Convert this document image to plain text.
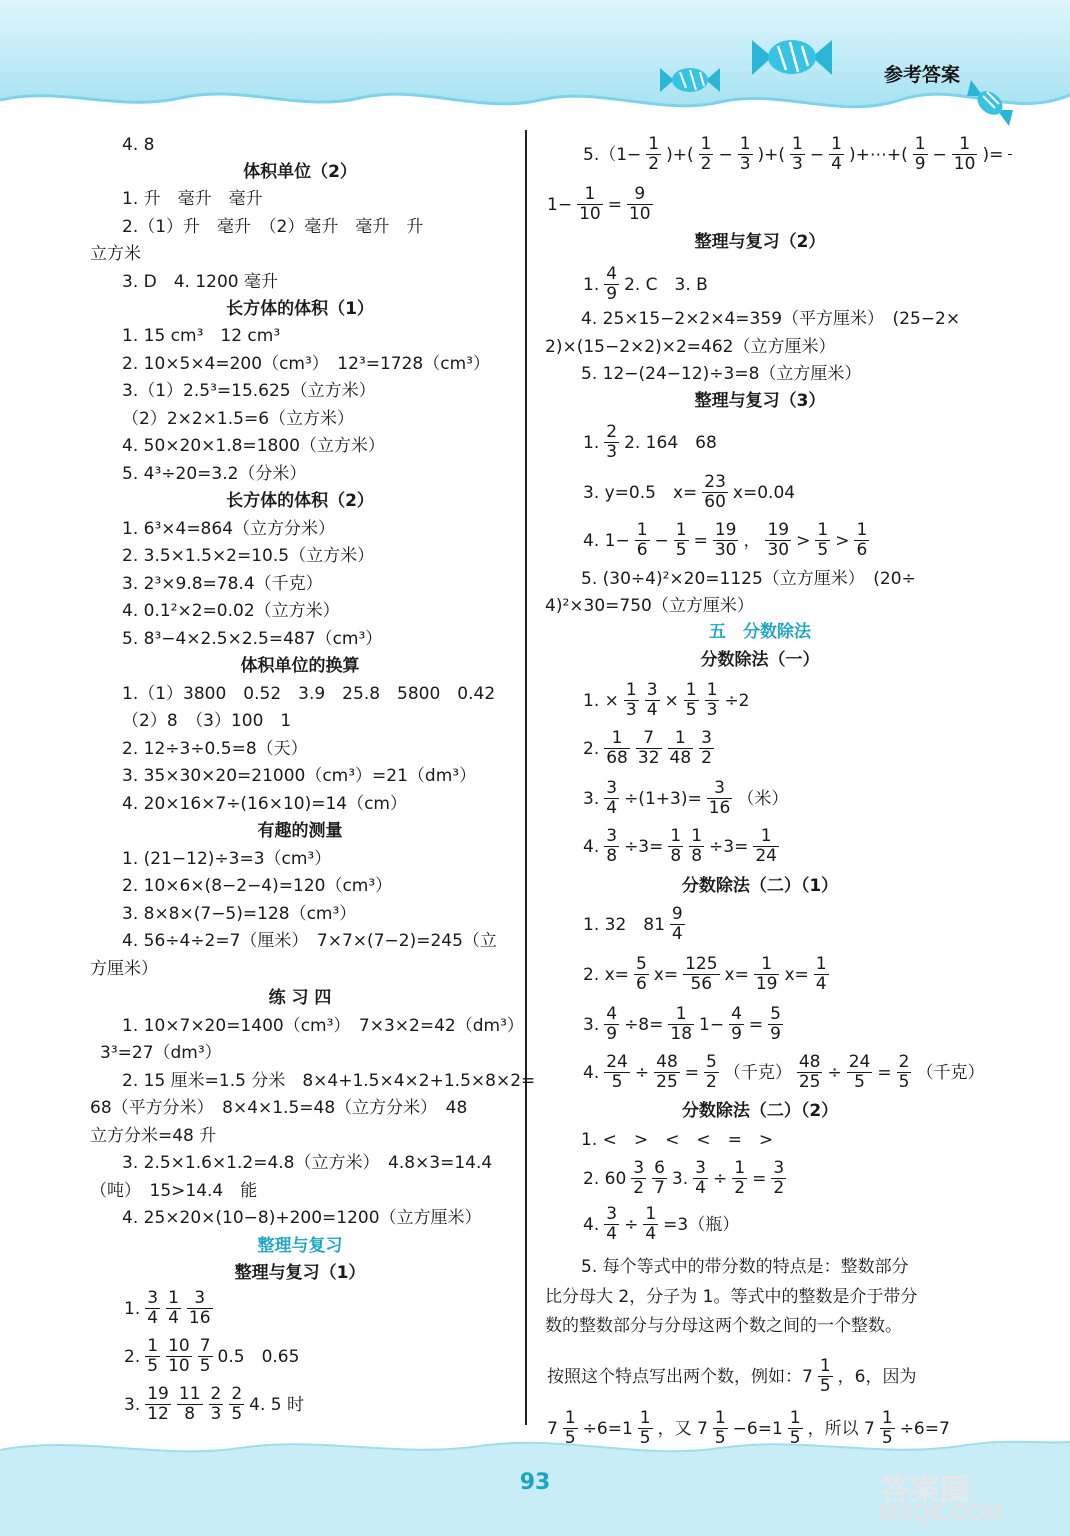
参考答案
93	答案圈
MXQE.COM
4. 8
体积单位（2）
1. 升　毫升　毫升
2.（1）升　毫升　（2）毫升　毫升　升
立方米
3. D　4. 1200 毫升
长方体的体积（1）
1. 15 cm³　12 cm³
2. 10×5×4=200（cm³）　12³=1728（cm³）
3.（1）2.5³=15.625（立方米）
（2）2×2×1.5=6（立方米）
4. 50×20×1.8=1800（立方米）
5. 4³÷20=3.2（分米）
长方体的体积（2）
1. 6³×4=864（立方分米）
2. 3.5×1.5×2=10.5（立方米）
3. 2³×9.8=78.4（千克）
4. 0.1²×2=0.02（立方米）
5. 8³−4×2.5×2.5=487（cm³）
体积单位的换算
1.（1）3800　0.52　3.9　25.8　5800　0.42
（2）8　（3）100　1
2. 12÷3÷0.5=8（天）
3. 35×30×20=21000（cm³）=21（dm³）
4. 20×16×7÷(16×10)=14（cm）
有趣的测量
1. (21−12)÷3=3（cm³）
2. 10×6×(8−2−4)=120（cm³）
3. 8×8×(7−5)=128（cm³）
4. 56÷4÷2=7（厘米）　7×7×(7−2)=245（立
方厘米）
练 习 四
1. 10×7×20=1400（cm³）　7×3×2=42（dm³）
3³=27（dm³）
2. 15 厘米=1.5 分米　8×4+1.5×4×2+1.5×8×2=
68（平方分米）　8×4×1.5=48（立方分米）　48
立方分米=48 升
3. 2.5×1.6×1.2=4.8（立方米）　4.8×3=14.4
（吨）　15>14.4　能
4. 25×20×(10−8)+200=1200（立方厘米）
整理与复习
整理与复习（1）
1. $\frac{3}{4} \frac{1}{4} \frac{3}{16}$
2. $\frac{1}{5} \frac{10}{10} \frac{7}{5} 0.5$　0.65
3. $\frac{19}{12} \frac{11}{8} \frac{2}{3} \frac{2}{5} 4$. 5 时
$5.(1- \frac{1}{2}$ )+( $\frac{1}{2} - \frac{1}{3}$ )+( $\frac{1}{3} - \frac{1}{4}$ )+⋯+( $\frac{1}{9} - \frac{1}{10}$ )=
$1- \frac{1}{10} = \frac{9}{10}$
整理与复习（2）
1. $\frac{4}{9} 2$. C　3. B
4. 25×15−2×2×4=359（平方厘米）　(25−2×
2)×(15−2×2)×2=462（立方厘米）
5. 12−(24−12)÷3=8（立方厘米）
整理与复习（3）
1. $\frac{2}{3} 2$. 164　68
3. y=0.5　$x= \frac{23}{60} x=0.04$
4. $1- \frac{1}{6} - \frac{1}{5} = \frac{19}{30}$ ， $\frac{19}{30} > \frac{1}{5} > \frac{1}{6}$
5. (30÷4)²×20=1125（立方厘米）　(20÷
4)²×30=750（立方厘米）
五　分数除法
分数除法（一）
1. × $\frac{1}{3} \frac{3}{4} \times \frac{1}{5} \frac{1}{3} \div 2$
2. $\frac{1}{68} \frac{7}{32} \frac{1}{48} \frac{3}{2}$
3. $\frac{3}{4} \div(1+3)= \frac{3}{16}$ （米）
4. $\frac{3}{8} \div 3= \frac{1}{8} \frac{1}{8} \div 3= \frac{1}{24}$
分数除法（二）（1）
1. 32　$81 \frac{9}{4}$
2. $x= \frac{5}{6} x= \frac{125}{56} x= \frac{1}{19} x= \frac{1}{4}$
3. $\frac{4}{9} \div 8= \frac{1}{18} 1- \frac{4}{9} = \frac{5}{9}$
4. $\frac{24}{5} \div \frac{48}{25} = \frac{5}{2}$ （千克） $\frac{48}{25} \div \frac{24}{5} = \frac{2}{5}$ （千克）
分数除法（二）（2）
1. <　>　<　<　=　>
2. $60 \frac{3}{2} \frac{6}{7} 3$. $\frac{3}{4} \div \frac{1}{2} = \frac{3}{2}$
4. $\frac{3}{4} \div \frac{1}{4} =3$（瓶）
5. 每个等式中的带分数的特点是：整数部分
比分母大 2，分子为 1。等式中的整数是介于带分
数的整数部分与分母这两个数之间的一个整数。
按照这个特点写出两个数，例如：$7 \frac{1}{5}$ ，6，因为
$7 \frac{1}{5} \div 6=1 \frac{1}{5}$ ，又 $7 \frac{1}{5} -6=1 \frac{1}{5}$ ，所以 $7 \frac{1}{5} \div 6=7$
